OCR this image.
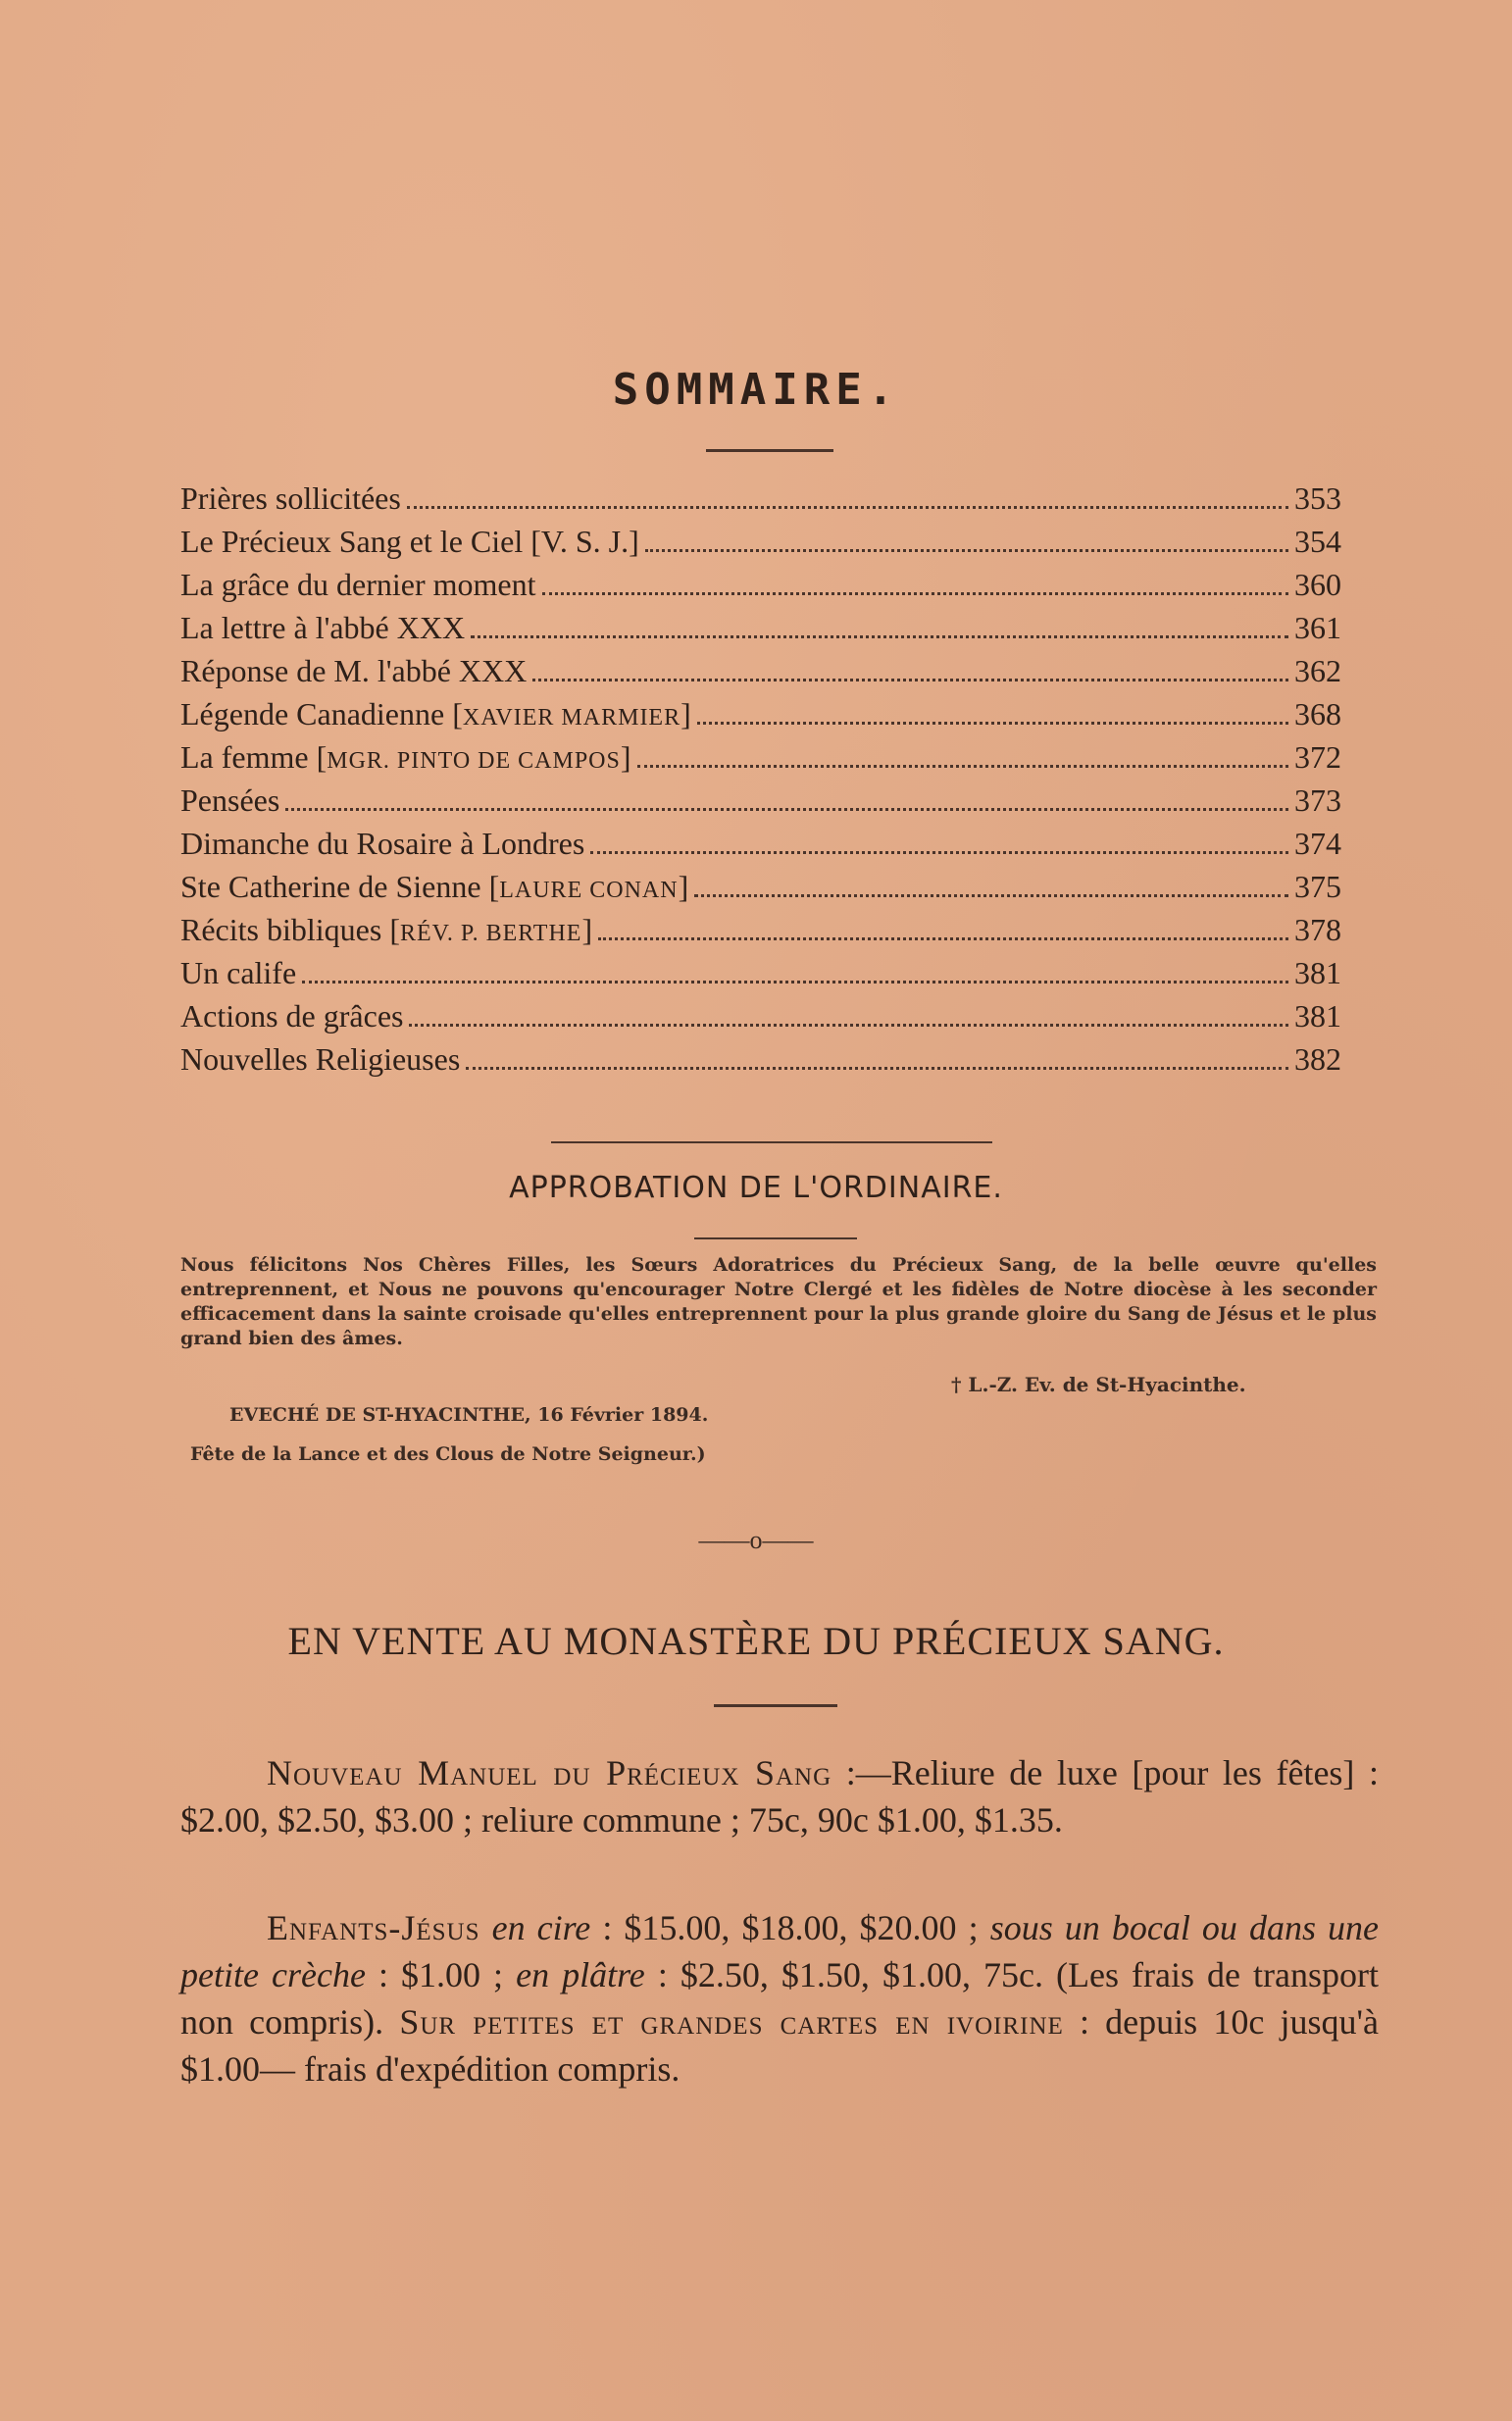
SOMMAIRE.
Prières sollicitées	353
Le Précieux Sang et le Ciel [V. S. J.]	354
La grâce du dernier moment	360
La lettre à l'abbé XXX	361
Réponse de M. l'abbé XXX	362
Légende Canadienne [XAVIER MARMIER]	368
La femme [MGR. PINTO DE CAMPOS]	372
Pensées	373
Dimanche du Rosaire à Londres	374
Ste Catherine de Sienne [LAURE CONAN]	375
Récits bibliques [RÉV. P. BERTHE]	378
Un calife	381
Actions de grâces	381
Nouvelles Religieuses	382
APPROBATION DE L'ORDINAIRE.
Nous félicitons Nos Chères Filles, les Sœurs Adoratrices du Précieux Sang, de la belle œuvre qu'elles entreprennent, et Nous ne pouvons qu'encourager Notre Clergé et les fidèles de Notre diocèse à les seconder efficacement dans la sainte croisade qu'elles entreprennent pour la plus grande gloire du Sang de Jésus et le plus grand bien des âmes.
† L.-Z. Ev. de St-Hyacinthe.
EVECHÉ DE ST-HYACINTHE, 16 Février 1894.
Fête de la Lance et des Clous de Notre Seigneur.)
——o——
EN VENTE AU MONASTÈRE DU PRÉCIEUX SANG.
Nouveau Manuel du Précieux Sang :—Reliure de luxe [pour les fêtes] : $2.00, $2.50, $3.00 ; reliure commune ; 75c, 90c $1.00, $1.35.
Enfants-Jésus en cire : $15.00, $18.00, $20.00 ; sous un bocal ou dans une petite crèche : $1.00 ; en plâtre : $2.50, $1.50, $1.00, 75c. (Les frais de transport non compris). Sur petites et grandes cartes en ivoirine : depuis 10c jusqu'à $1.00— frais d'expédition compris.
